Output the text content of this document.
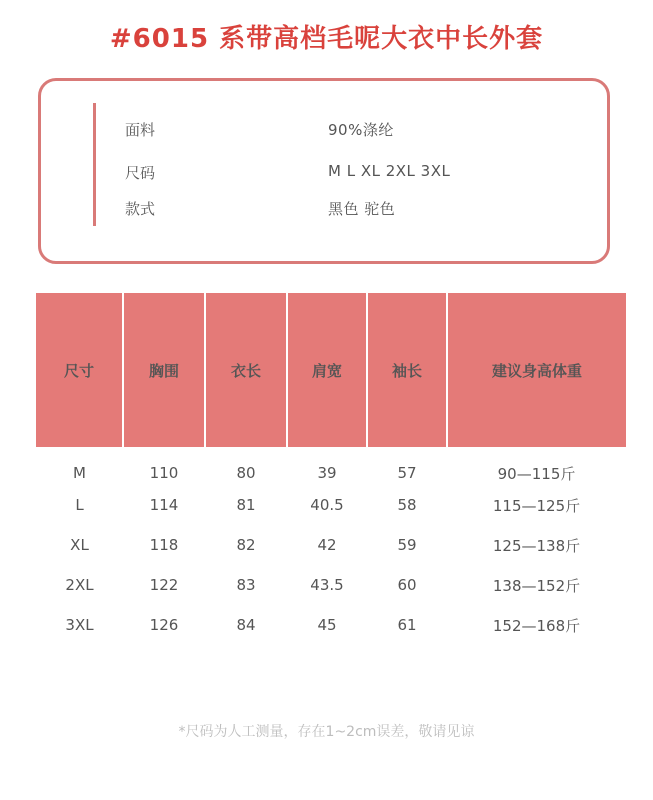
#6015 系带高档毛呢大衣中长外套
面料	90%涤纶
尺码	M L XL 2XL 3XL
款式	黑色 驼色
尺寸	胸围	衣长	肩宽	袖长	建议身高体重
M	110	80	39	57	90—115斤
L	114	81	40.5	58	115—125斤
XL	118	82	42	59	125—138斤
2XL	122	83	43.5	60	138—152斤
3XL	126	84	45	61	152—168斤
*尺码为人工测量，存在1~2cm误差，敬请见谅
